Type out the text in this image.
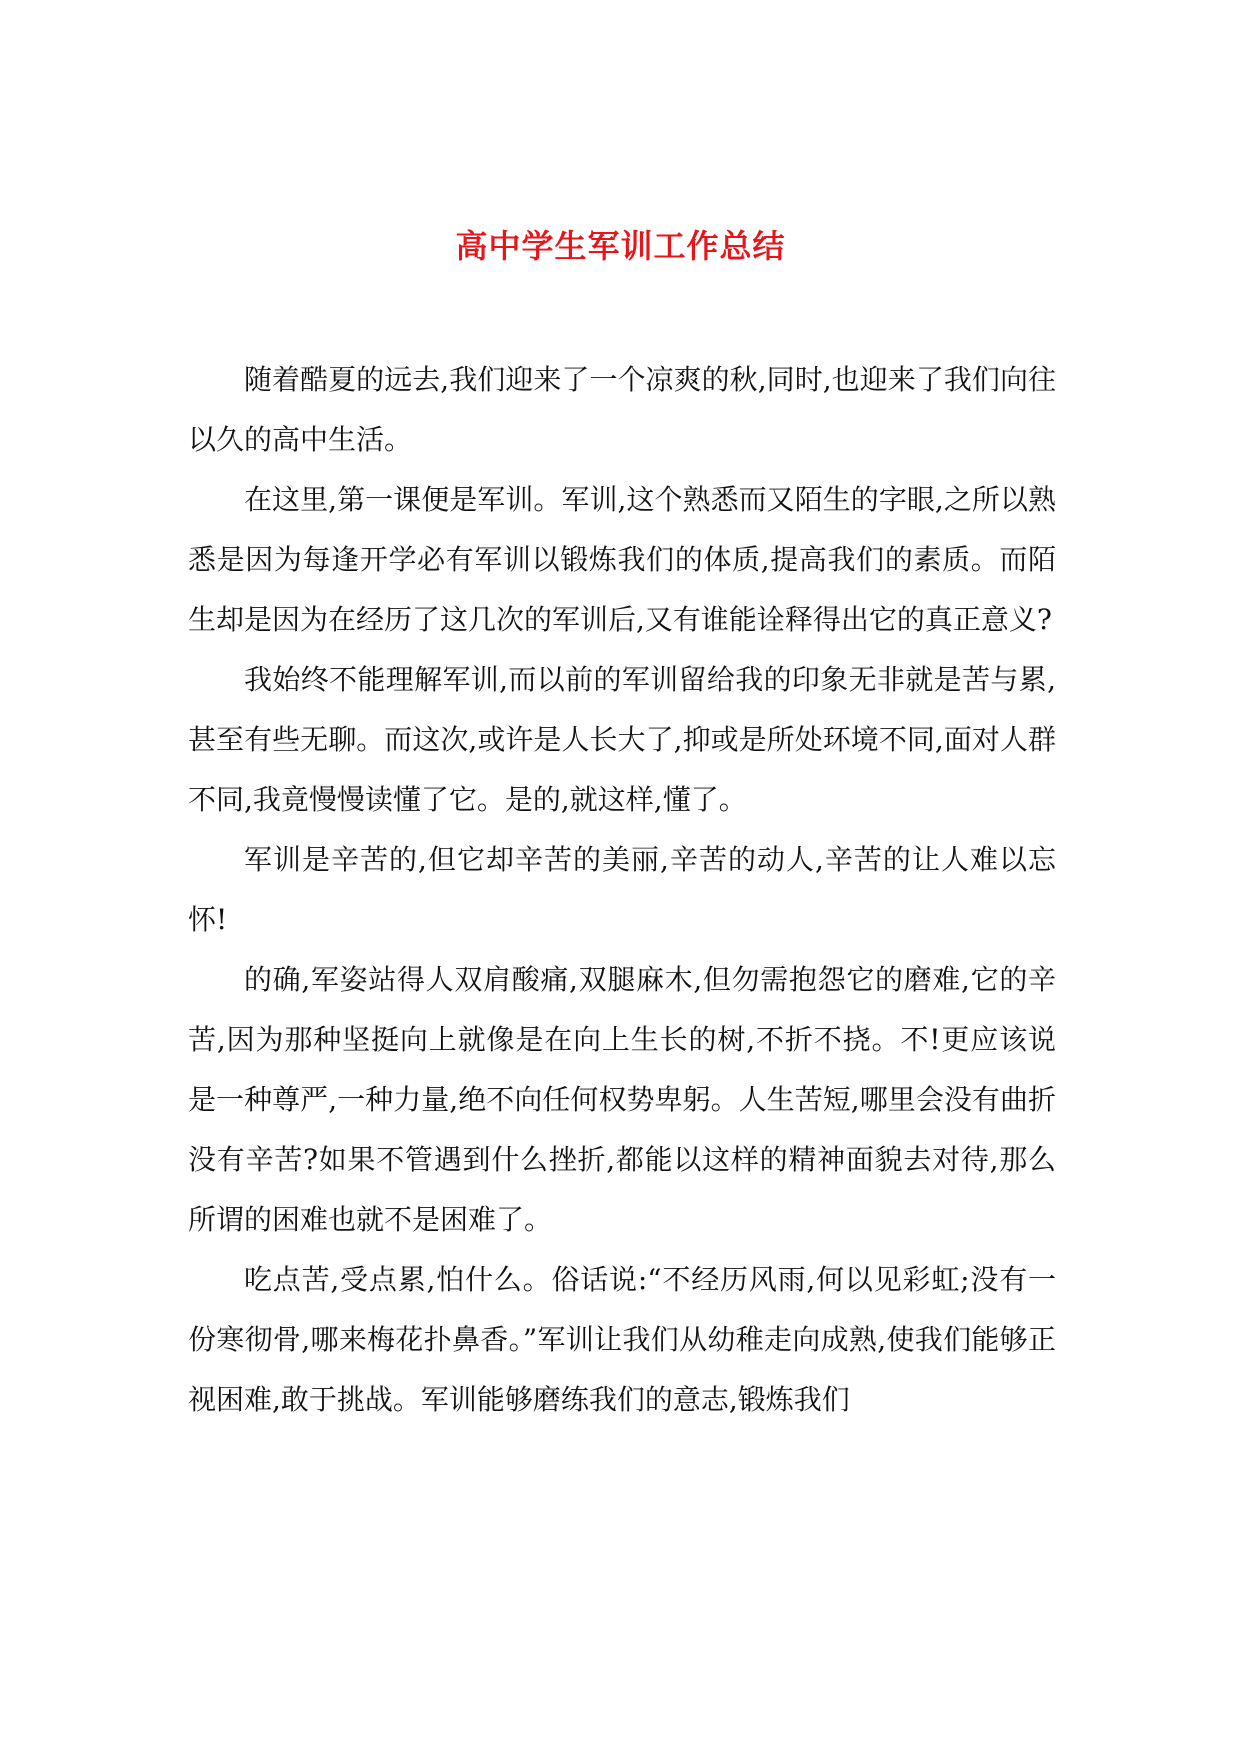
高中学生军训工作总结

随着酷夏的远去,我们迎来了一个凉爽的秋,同时,也迎来了我们向往以久的高中生活。

在这里,第一课便是军训。军训,这个熟悉而又陌生的字眼,之所以熟悉是因为每逢开学必有军训以锻炼我们的体质,提高我们的素质。而陌生却是因为在经历了这几次的军训后,又有谁能诠释得出它的真正意义?

我始终不能理解军训,而以前的军训留给我的印象无非就是苦与累,甚至有些无聊。而这次,或许是人长大了,抑或是所处环境不同,面对人群不同,我竟慢慢读懂了它。是的,就这样,懂了。

军训是辛苦的,但它却辛苦的美丽,辛苦的动人,辛苦的让人难以忘怀!

的确,军姿站得人双肩酸痛,双腿麻木,但勿需抱怨它的磨难,它的辛苦,因为那种坚挺向上就像是在向上生长的树,不折不挠。不!更应该说是一种尊严,一种力量,绝不向任何权势卑躬。人生苦短,哪里会没有曲折没有辛苦?如果不管遇到什么挫折,都能以这样的精神面貌去对待,那么所谓的困难也就不是困难了。

吃点苦,受点累,怕什么。俗话说:“不经历风雨,何以见彩虹;没有一份寒彻骨,哪来梅花扑鼻香。”军训让我们从幼稚走向成熟,使我们能够正视困难,敢于挑战。军训能够磨练我们的意志,锻炼我们
